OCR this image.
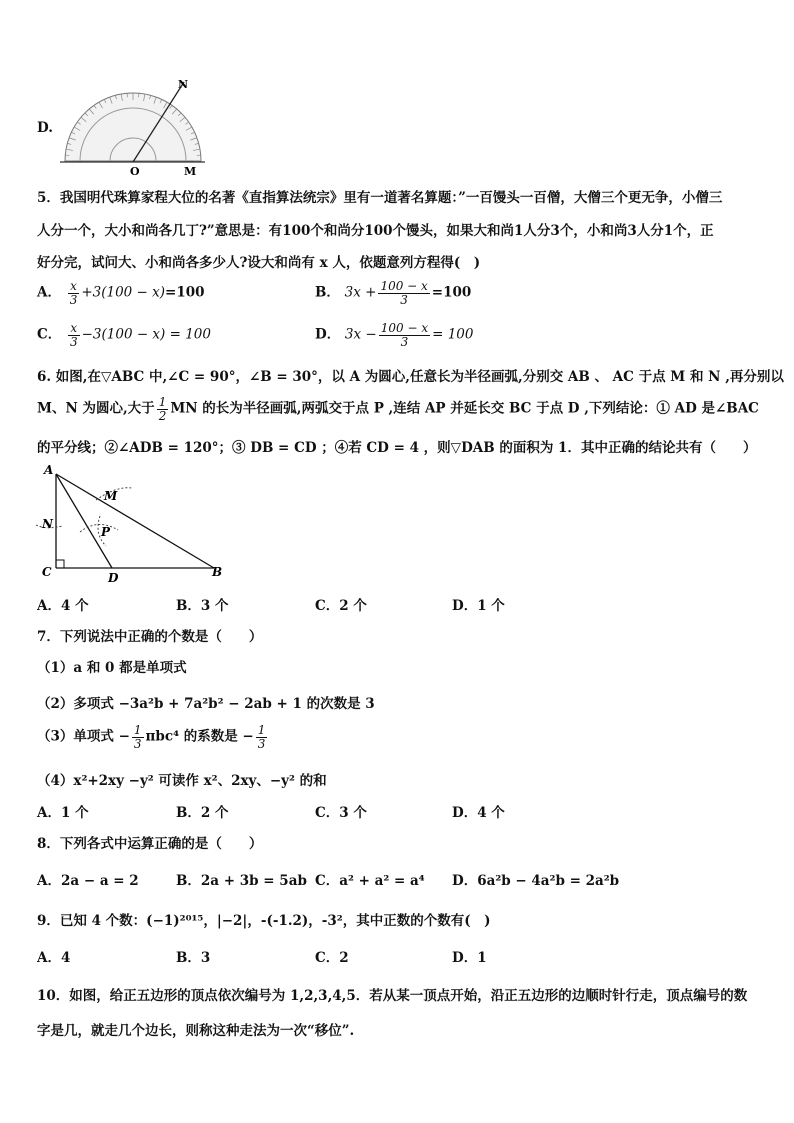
D.
O	M
N
5．我国明代珠算家程大位的名著《直指算法统宗》里有一道著名算题：”一百馒头一百僧，大僧三个更无争，小僧三
人分一个，大小和尚各几丁?”意思是：有100个和尚分100个馒头，如果大和尚1人分3个，小和尚3人分1个，正
好分完，试问大、小和尚各多少人?设大和尚有 x 人，依题意列方程得(　)
A． $\frac{x}{3} +3(100 - x)=100$	B． $3x + \frac{100 - x}{3} =100$
C． $\frac{x}{3} -3(100 - x) = 100$	D． $3x - \frac{100 - x}{3} = 100$
6. 如图,在▽ABC 中,∠C = 90°，∠B = 30°，以 A 为圆心,任意长为半径画弧,分别交 AB 、 AC 于点 M 和 N ,再分别以
M、N 为圆心,大于 $\frac{1}{2}$ MN 的长为半径画弧,两弧交于点 P ,连结 AP 并延长交 BC 于点 D ,下列结论：① AD 是∠BAC
的平分线；②∠ADB = 120°；③ DB = CD ；④若 CD = 4 ，则▽DAB 的面积为 1．其中正确的结论共有（　　）
A
C	D	B
M
N
P
A．4 个	B．3 个	C．2 个	D．1 个
7．下列说法中正确的个数是（　　）
（1）a 和 0 都是单项式
（2）多项式 −3a²b + 7a²b² − 2ab + 1 的次数是 3
（3）单项式 − $\frac{1}{3} \pi bc^4$ 的系数是 − $\frac{1}{3}$
（4）x²+2xy −y² 可读作 x²、2xy、−y² 的和
A．1 个	B．2 个	C．3 个	D．4 个
8．下列各式中运算正确的是（　　）
A．2a − a = 2	B．2a + 3b = 5ab C．a² + a² = a⁴ D．6a²b − 4a²b = 2a²b
9．已知 4 个数：(−1)²⁰¹⁵，|−2|，-(-1.2)，-3²，其中正数的个数有(　)
A．4	B．3	C．2	D．1
10．如图，给正五边形的顶点依次编号为 1,2,3,4,5．若从某一顶点开始，沿正五边形的边顺时针行走，顶点编号的数
字是几，就走几个边长，则称这种走法为一次“移位”.
